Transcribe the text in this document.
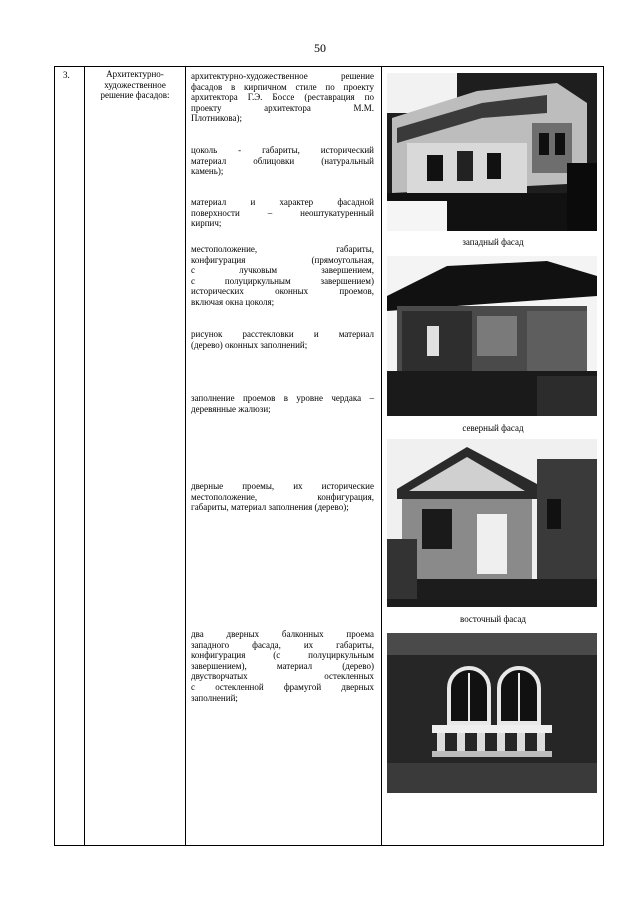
50
3.	Архитектурно-художественное решение фасадов:	
архитектурно-художественное решение
фасадов в кирпичном стиле по проекту
архитектора Г.Э. Боссе (реставрация по
проекту архитектора М.М.
Плотникова);
цоколь - габариты, исторический
материал облицовки (натуральный
камень);
материал и характер фасадной
поверхности – неоштукатуренный
кирпич;
местоположение, габариты,
конфигурация (прямоугольная,
с лучковым завершением,
с полуциркульным завершением)
исторических оконных проемов,
включая окна цоколя;
рисунок расстекловки и материал
(дерево) оконных заполнений;
заполнение проемов в уровне чердака –
деревянные жалюзи;
дверные проемы, их исторические
местоположение, конфигурация,
габариты, материал заполнения (дерево);
два дверных балконных проема
западного фасада, их габариты,
конфигурация (с полуциркульным
завершением), материал (дерево)
двустворчатых остекленных
с остекленной фрамугой дверных
заполнений;

западный фасад
северный фасад
восточный фасад
